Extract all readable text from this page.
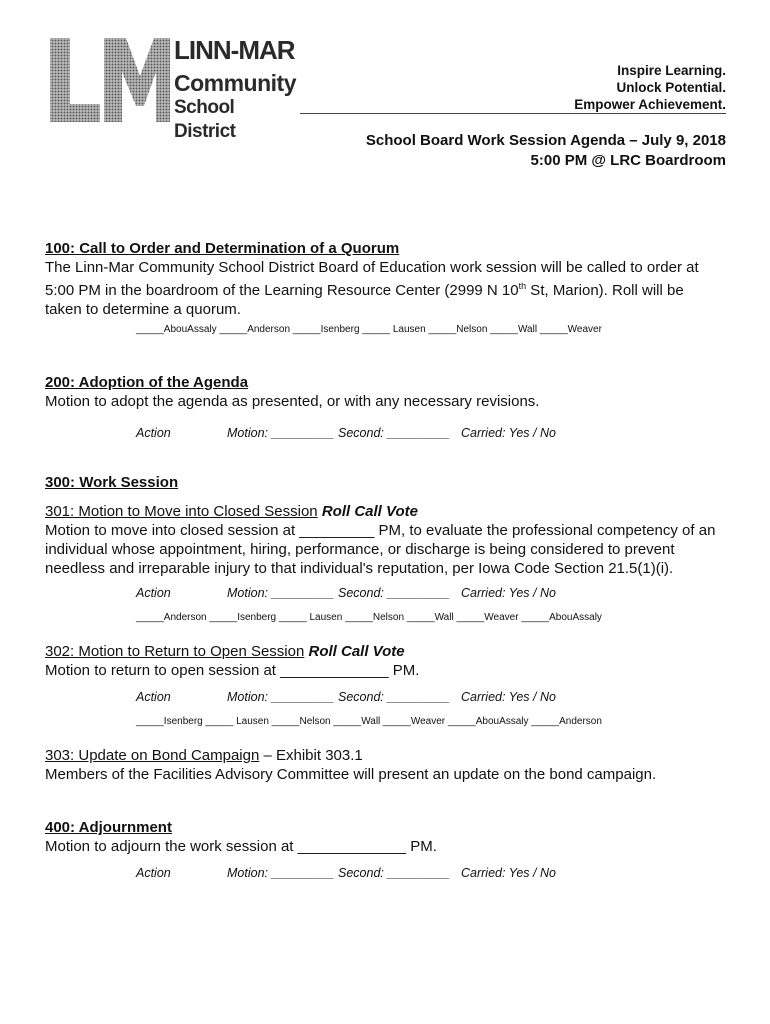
LINN-MAR
Community
School District
Inspire Learning.
Unlock Potential.
Empower Achievement.
School Board Work Session Agenda – July 9, 2018
5:00 PM @ LRC Boardroom
100: Call to Order and Determination of a Quorum
The Linn-Mar Community School District Board of Education work session will be called to order at
5:00 PM in the boardroom of the Learning Resource Center (2999 N 10th St, Marion). Roll will be
taken to determine a quorum.
_____AbouAssaly _____Anderson _____Isenberg _____ Lausen _____Nelson _____Wall _____Weaver
200: Adoption of the Agenda
Motion to adopt the agenda as presented, or with any necessary revisions.

Action

	Motion: _________

Second: _________

Carried: Yes / No

300: Work Session
301: Motion to Move into Closed Session Roll Call Vote
Motion to move into closed session at _________ PM, to evaluate the professional competency of an
individual whose appointment, hiring, performance, or discharge is being considered to prevent
needless and irreparable injury to that individual's reputation, per Iowa Code Section 21.5(1)(i).

Action

	Motion: _________

Second: _________

Carried: Yes / No

_____Anderson _____Isenberg _____ Lausen _____Nelson _____Wall _____Weaver _____AbouAssaly
302: Motion to Return to Open Session Roll Call Vote
Motion to return to open session at _____________ PM.

Action

	Motion: _________

Second: _________

Carried: Yes / No

_____Isenberg _____ Lausen _____Nelson _____Wall _____Weaver _____AbouAssaly _____Anderson
303: Update on Bond Campaign – Exhibit 303.1
Members of the Facilities Advisory Committee will present an update on the bond campaign.
400: Adjournment
Motion to adjourn the work session at _____________ PM.

Action

	Motion: _________

Second: _________

Carried: Yes / No
